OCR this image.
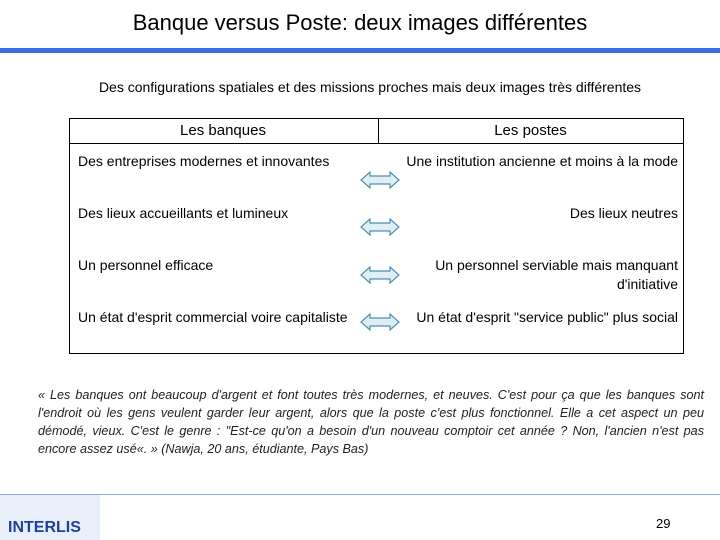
Banque versus Poste: deux images différentes
Des configurations spatiales et des missions proches mais deux images très différentes
Les banques	Les postes
Des entreprises modernes et innovantes	Une institution ancienne et moins à la mode
Des lieux accueillants et lumineux	Des lieux neutres
Un personnel efficace	Un personnel serviable mais manquant d'initiative
Un état d'esprit commercial voire capitaliste	Un état d'esprit "service public" plus social
« Les banques ont beaucoup d'argent et font toutes très modernes, et neuves. C'est pour ça que les banques sont l'endroit où les gens veulent garder leur argent, alors que la poste c'est plus fonctionnel. Elle a cet aspect un peu démodé, vieux. C'est le genre : "Est-ce qu'on a besoin d'un nouveau comptoir cet année ? Non, l'ancien n'est pas encore assez usé«. » (Nawja, 20 ans, étudiante, Pays Bas)
INTERLIS	29
